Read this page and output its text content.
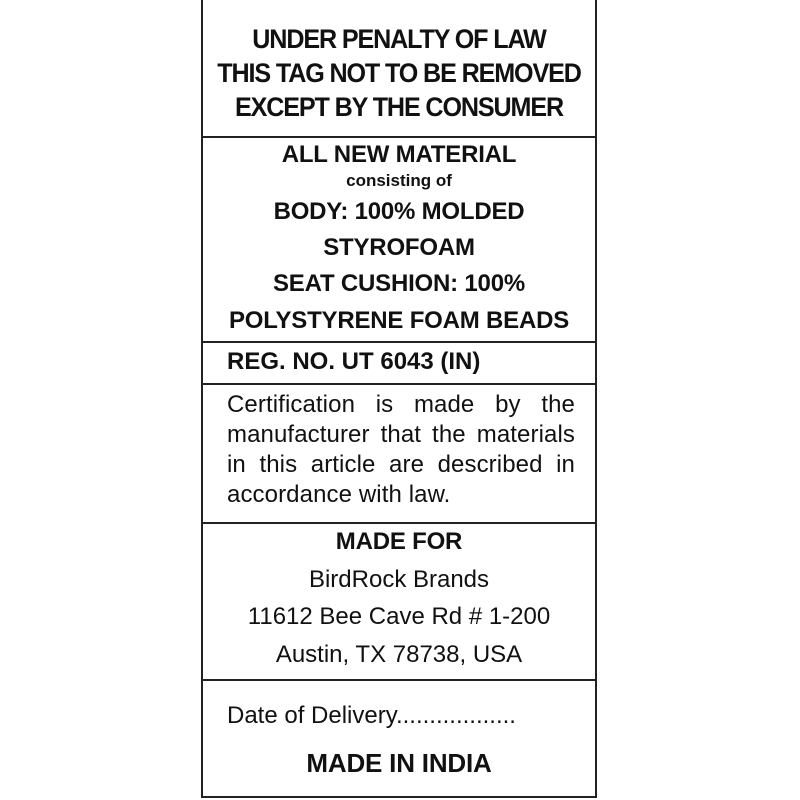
UNDER PENALTY OF LAW
THIS TAG NOT TO BE REMOVED
EXCEPT BY THE CONSUMER
ALL NEW MATERIAL
consisting of
BODY: 100% MOLDED
STYROFOAM
SEAT CUSHION: 100%
POLYSTYRENE FOAM BEADS
REG. NO. UT 6043 (IN)
Certification is made by the
manufacturer that the materials
in this article are described in
accordance with law.
MADE FOR
BirdRock Brands
11612 Bee Cave Rd # 1-200
Austin, TX 78738, USA
Date of Delivery..................
MADE IN INDIA
